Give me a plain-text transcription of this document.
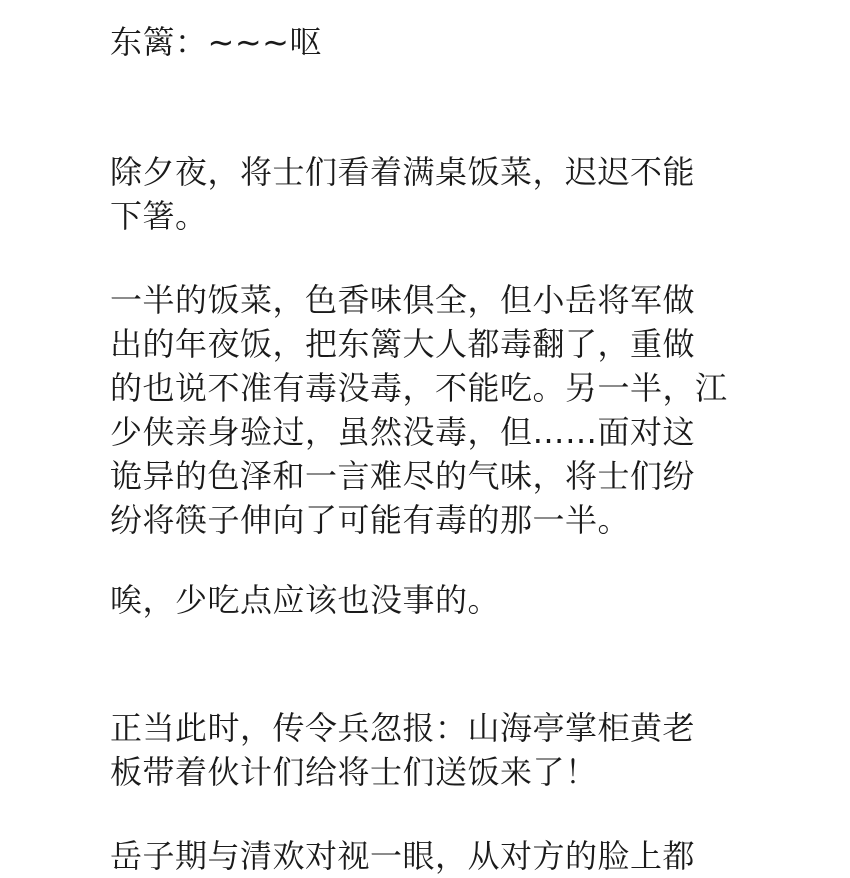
东篱：~~~呕

除夕夜，将士们看着满桌饭菜，迟迟不能
下箸。

一半的饭菜，色香味俱全，但小岳将军做
出的年夜饭，把东篱大人都毒翻了，重做
的也说不准有毒没毒，不能吃。另一半，江
少侠亲身验过，虽然没毒，但……面对这
诡异的色泽和一言难尽的气味，将士们纷
纷将筷子伸向了可能有毒的那一半。

唉，少吃点应该也没事的。

正当此时，传令兵忽报：山海亭掌柜黄老
板带着伙计们给将士们送饭来了！

岳子期与清欢对视一眼，从对方的脸上都
